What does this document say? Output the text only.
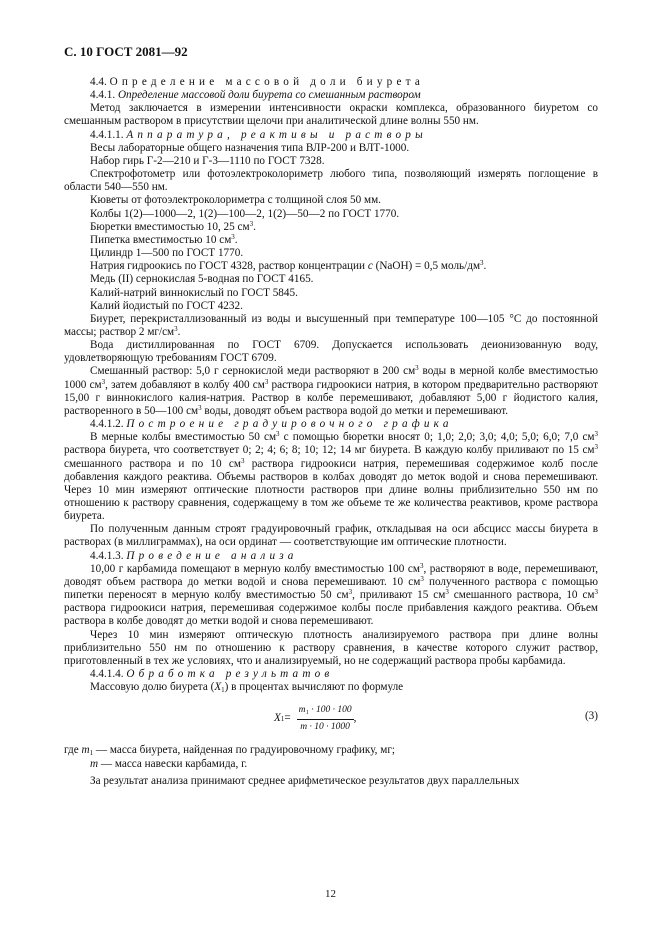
С. 10 ГОСТ 2081—92

4.4. Определение массовой доли биурета

4.4.1. Определение массовой доли биурета со смешанным раствором

Метод заключается в измерении интенсивности окраски комплекса, образованного биуретом со смешанным раствором в присутствии щелочи при аналитической длине волны 550 нм.

4.4.1.1. Аппаратура, реактивы и растворы

Весы лабораторные общего назначения типа ВЛР-200 и ВЛТ-1000.

Набор гирь Г-2—210 и Г-3—1110 по ГОСТ 7328.

Спектрофотометр или фотоэлектроколориметр любого типа, позволяющий измерять поглощение в области 540—550 нм.

Кюветы от фотоэлектроколориметра с толщиной слоя 50 мм.

Колбы 1(2)—1000—2, 1(2)—100—2, 1(2)—50—2 по ГОСТ 1770.

Бюретки вместимостью 10, 25 $см^3$.

Пипетка вместимостью 10 $см^3$.

Цилиндр 1—500 по ГОСТ 1770.

Натрия гидроокись по ГОСТ 4328, раствор концентрации c (NaOH) = 0,5 моль/$дм^3$.

Медь (II) сернокислая 5-водная по ГОСТ 4165.

Калий-натрий виннокислый по ГОСТ 5845.

Калий йодистый по ГОСТ 4232.

Биурет, перекристаллизованный из воды и высушенный при температуре 100—105 °С до постоянной массы; раствор 2 $мг/см^3$.

Вода дистиллированная по ГОСТ 6709. Допускается использовать деионизованную воду, удовлетворяющую требованиям ГОСТ 6709.

Смешанный раствор: 5,0 г сернокислой меди растворяют в 200 $см^3$ воды в мерной колбе вместимостью 1000 $см^3$, затем добавляют в колбу 400 $см^3$ раствора гидроокиси натрия, в котором предварительно растворяют 15,00 г виннокислого калия-натрия. Раствор в колбе перемешивают, добавляют 5,00 г йодистого калия, растворенного в 50—100 $см^3$ воды, доводят объем раствора водой до метки и перемешивают.

4.4.1.2. Построение градуировочного графика

В мерные колбы вместимостью 50 $см^3$ с помощью бюретки вносят 0; 1,0; 2,0; 3,0; 4,0; 5,0; 6,0; 7,0 $см^3$ раствора биурета, что соответствует 0; 2; 4; 6; 8; 10; 12; 14 мг биурета. В каждую колбу приливают по 15 $см^3$ смешанного раствора и по 10 $см^3$ раствора гидроокиси натрия, перемешивая содержимое колб после добавления каждого реактива. Объемы растворов в колбах доводят до меток водой и снова перемешивают. Через 10 мин измеряют оптические плотности растворов при длине волны приблизительно 550 нм по отношению к раствору сравнения, содержащему в том же объеме те же количества реактивов, кроме раствора биурета.

По полученным данным строят градуировочный график, откладывая на оси абсцисс массы биурета в растворах (в миллиграммах), на оси ординат — соответствующие им оптические плотности.

4.4.1.3. Проведение анализа

10,00 г карбамида помещают в мерную колбу вместимостью 100 $см^3$, растворяют в воде, перемешивают, доводят объем раствора до метки водой и снова перемешивают. 10 $см^3$ полученного раствора с помощью пипетки переносят в мерную колбу вместимостью 50 $см^3$, приливают 15 $см^3$ смешанного раствора, 10 $см^3$ раствора гидроокиси натрия, перемешивая содержимое колбы после прибавления каждого реактива. Объем раствора в колбе доводят до метки водой и снова перемешивают.

Через 10 мин измеряют оптическую плотность анализируемого раствора при длине волны приблизительно 550 нм по отношению к раствору сравнения, в качестве которого служит раствор, приготовленный в тех же условиях, что и анализируемый, но не содержащий раствора пробы карбамида.

4.4.1.4. Обработка результатов

Массовую долю биурета $(X_1)$ в процентах вычисляют по формуле

X $1 = \frac{\text{m₁ · 100 · 100}}{m \cdot 10 \cdot 1000}$ ,	(3)

где $m_1$ — масса биурета, найденная по градуировочному графику, мг;

m — масса навески карбамида, г.

За результат анализа принимают среднее арифметическое результатов двух параллельных

12
